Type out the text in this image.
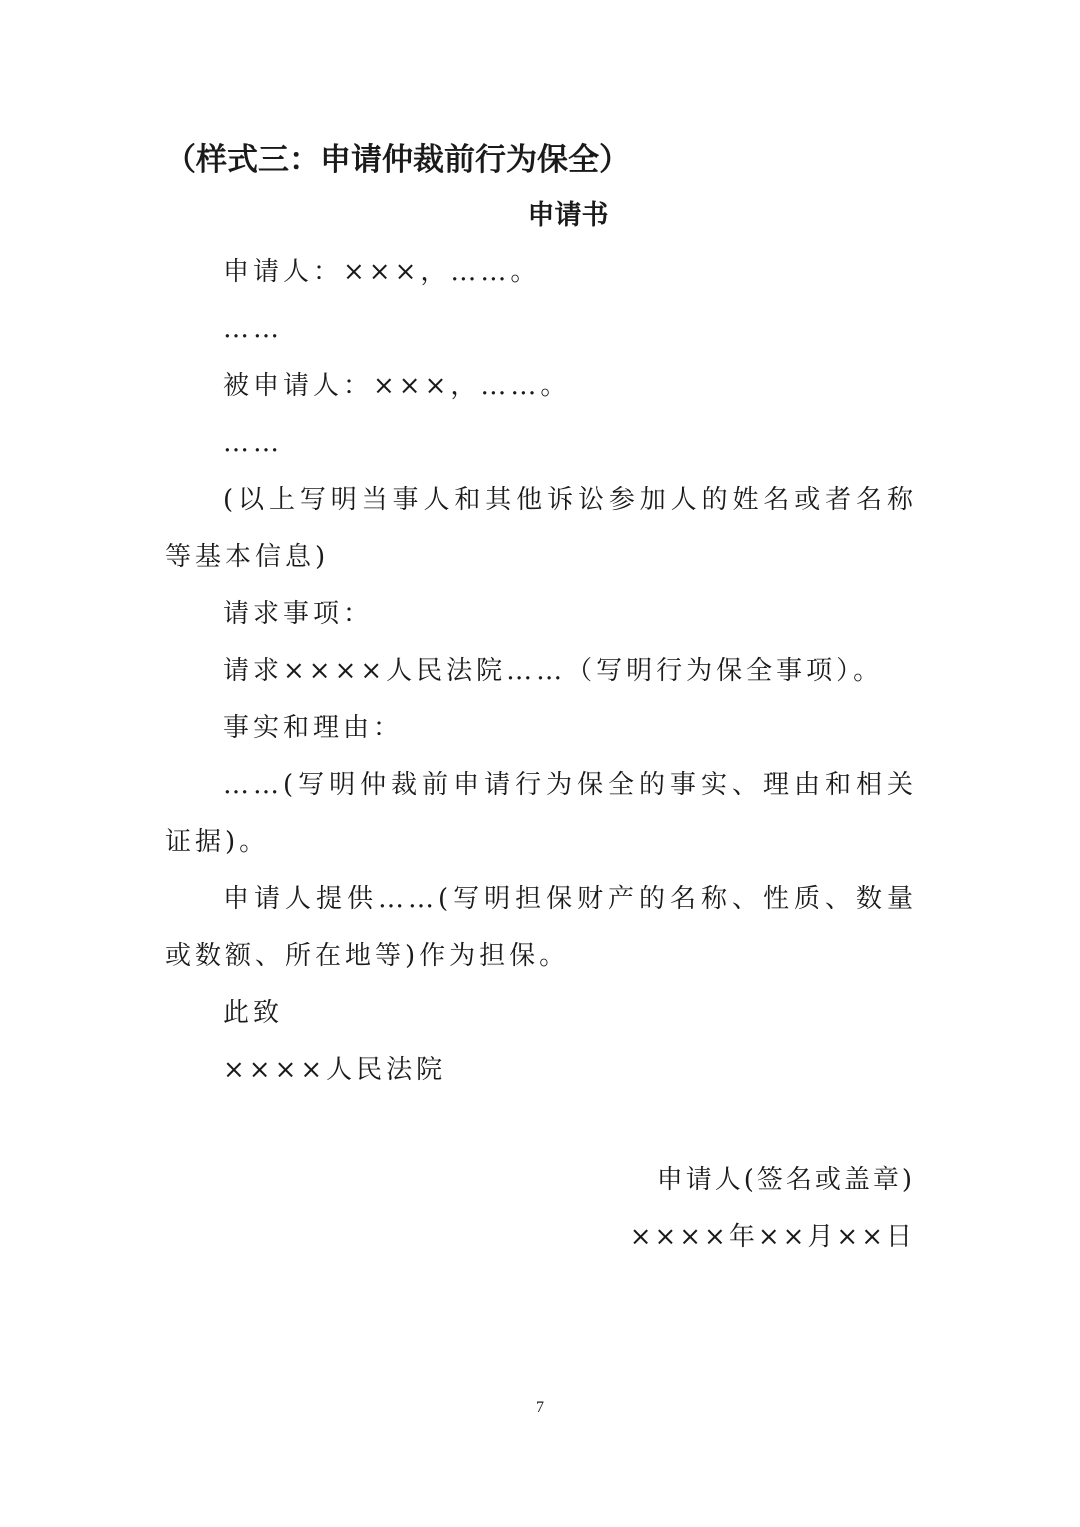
（样式三：申请仲裁前行为保全）
申请书

申请人：×××，……。

……

被申请人：×××，……。

……

(以上写明当事人和其他诉讼参加人的姓名或者名称等基本信息)

请求事项：

请求××××人民法院……（写明行为保全事项）。

事实和理由：

……(写明仲裁前申请行为保全的事实、理由和相关证据)。

申请人提供……(写明担保财产的名称、性质、数量或数额、所在地等)作为担保。

此致

××××人民法院

申请人(签名或盖章)
××××年××月××日
7
